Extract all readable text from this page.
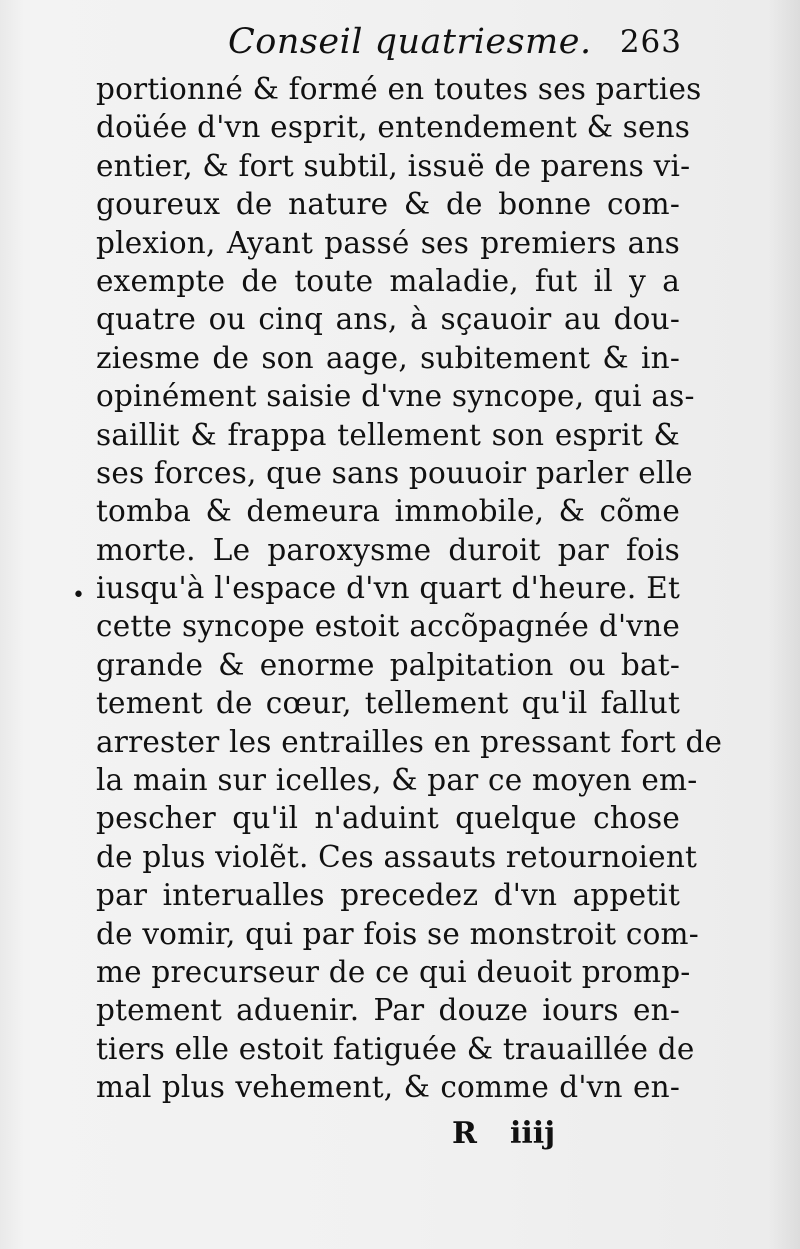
Conseil quatriesme. 263
•
portionné & formé en toutes ses parties
doüée d'vn esprit, entendement & sens
entier, & fort subtil, issuë de parens vi-
goureux de nature & de bonne com-
plexion, Ayant passé ses premiers ans
exempte de toute maladie, fut il y a
quatre ou cinq ans, à sçauoir au dou-
ziesme de son aage, subitement & in-
opinément saisie d'vne syncope, qui as-
saillit & frappa tellement son esprit &
ses forces, que sans pouuoir parler elle
tomba & demeura immobile, & cõme
morte. Le paroxysme duroit par fois
iusqu'à l'espace d'vn quart d'heure. Et
cette syncope estoit accõpagnée d'vne
grande & enorme palpitation ou bat-
tement de cœur, tellement qu'il fallut
arrester les entrailles en pressant fort de
la main sur icelles, & par ce moyen em-
pescher qu'il n'aduint quelque chose
de plus violẽt. Ces assauts retournoient
par interualles precedez d'vn appetit
de vomir, qui par fois se monstroit com-
me precurseur de ce qui deuoit promp-
ptement aduenir. Par douze iours en-
tiers elle estoit fatiguée & trauaillée de
mal plus vehement, & comme d'vn en-
R iiij
